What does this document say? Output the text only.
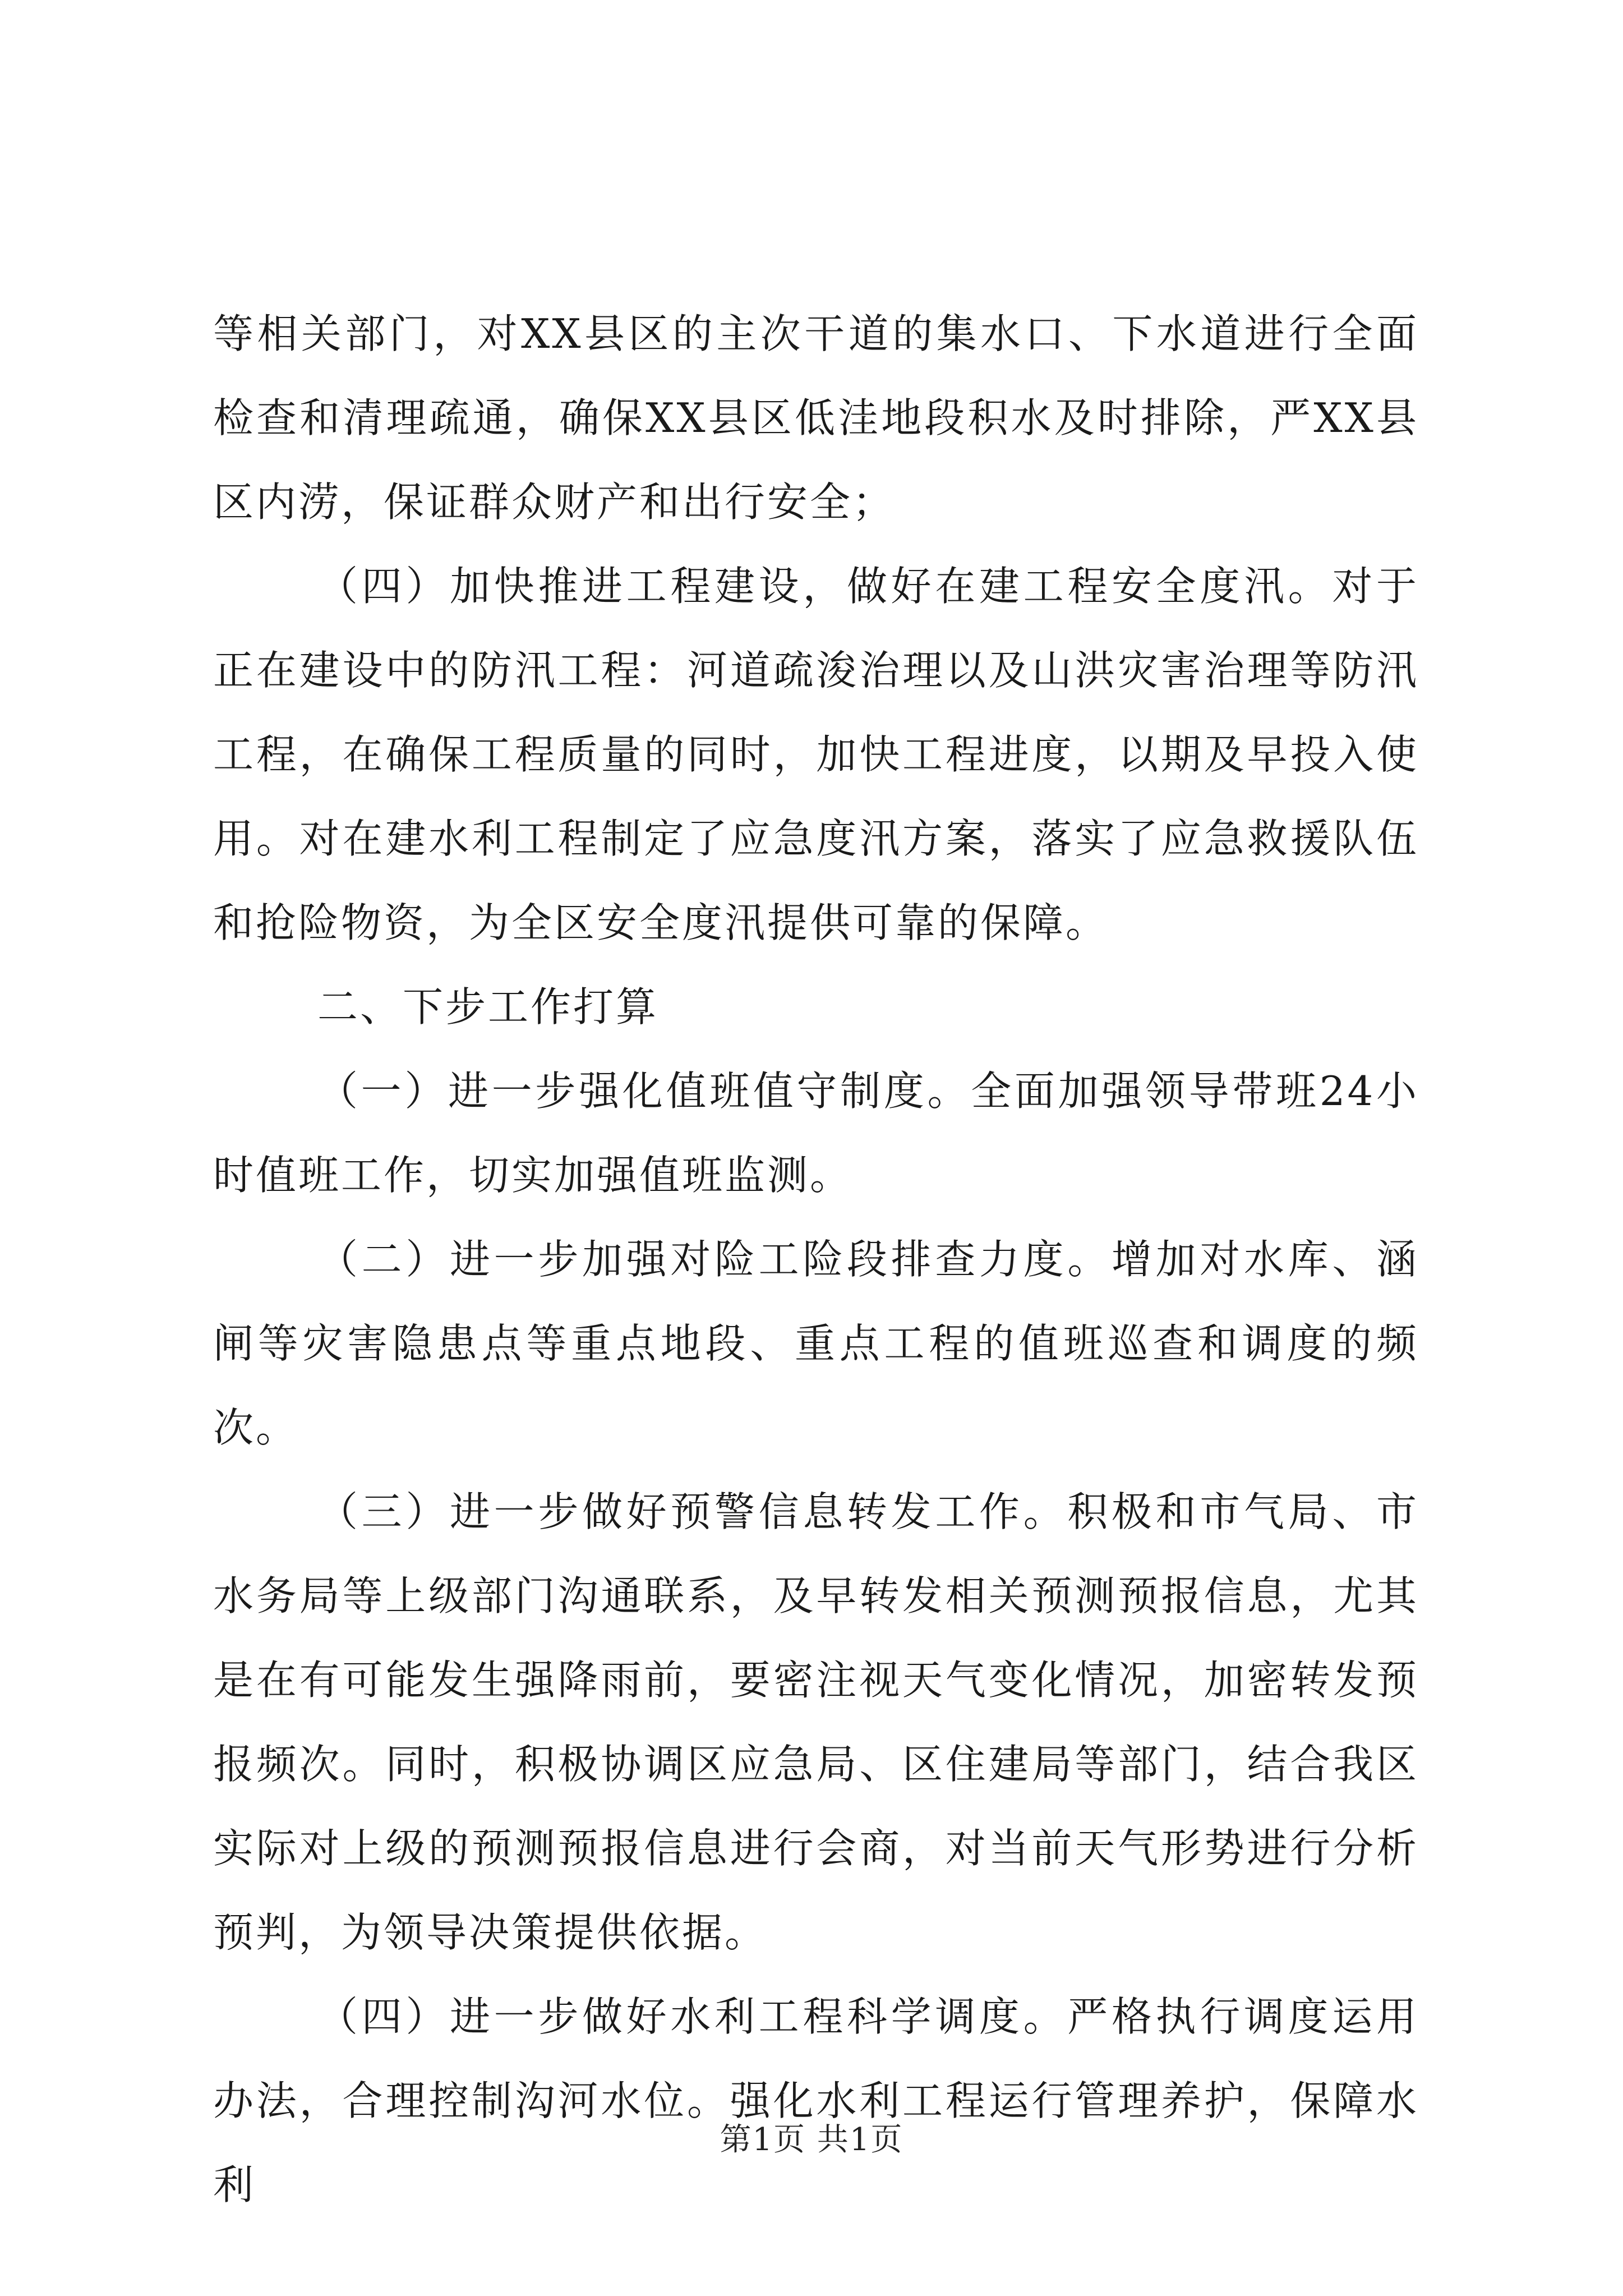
等相关部门，对XX县区的主次干道的集水口、下水道进行全面检查和清理疏通，确保XX县区低洼地段积水及时排除，严XX县区内涝，保证群众财产和出行安全；

（四）加快推进工程建设，做好在建工程安全度汛。对于正在建设中的防汛工程：河道疏浚治理以及山洪灾害治理等防汛工程，在确保工程质量的同时，加快工程进度，以期及早投入使用。对在建水利工程制定了应急度汛方案，落实了应急救援队伍和抢险物资，为全区安全度汛提供可靠的保障。

二、下步工作打算

（一）进一步强化值班值守制度。全面加强领导带班24小时值班工作，切实加强值班监测。

（二）进一步加强对险工险段排查力度。增加对水库、涵闸等灾害隐患点等重点地段、重点工程的值班巡查和调度的频次。

（三）进一步做好预警信息转发工作。积极和市气局、市水务局等上级部门沟通联系，及早转发相关预测预报信息，尤其是在有可能发生强降雨前，要密注视天气变化情况，加密转发预报频次。同时，积极协调区应急局、区住建局等部门，结合我区实际对上级的预测预报信息进行会商，对当前天气形势进行分析预判，为领导决策提供依据。

（四）进一步做好水利工程科学调度。严格执行调度运用办法，合理控制沟河水位。强化水利工程运行管理养护，保障水利

第1页 共1页
